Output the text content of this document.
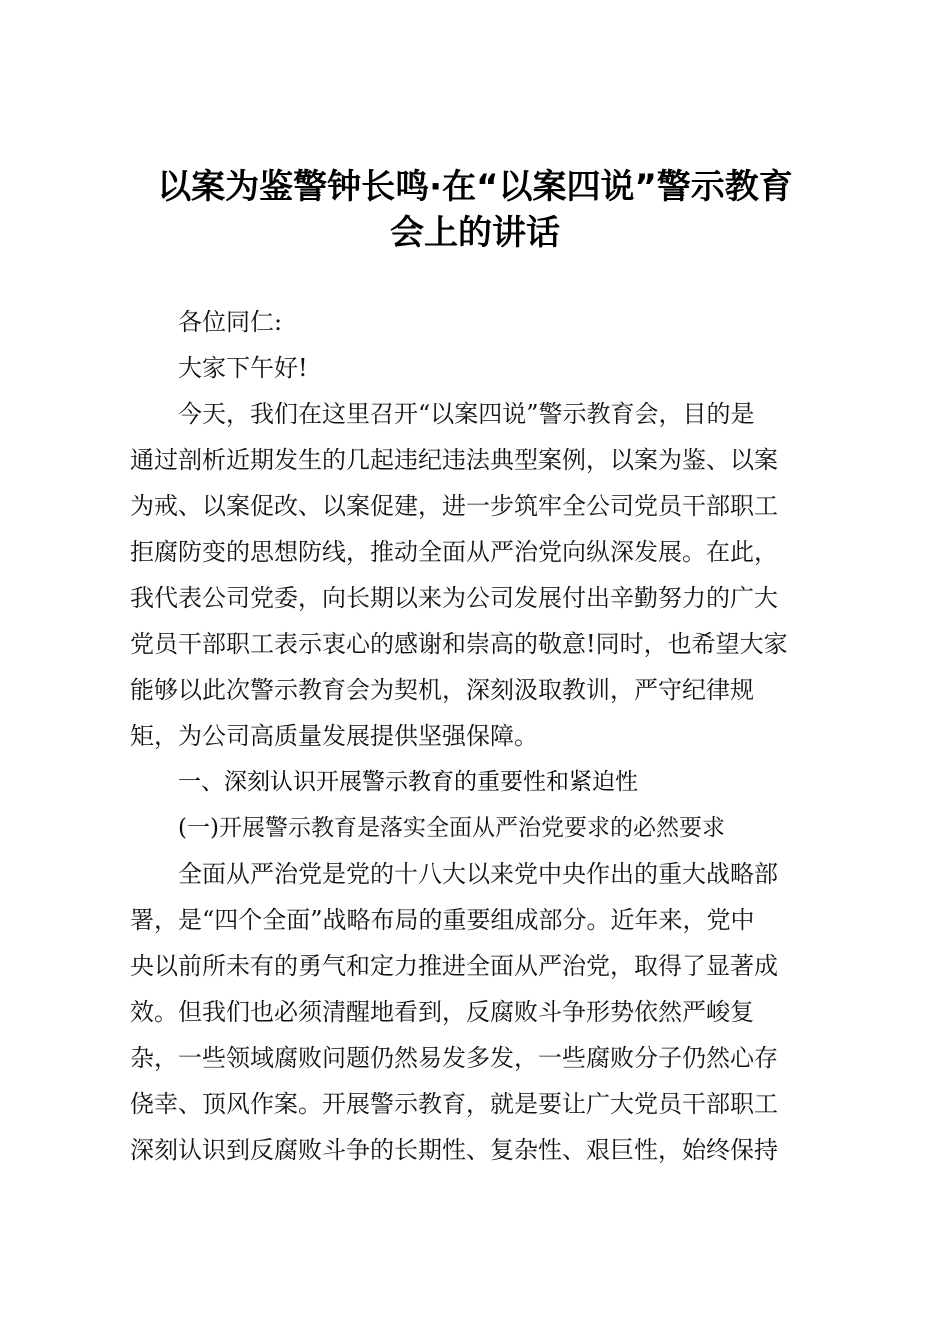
以案为鉴警钟长鸣·在“以案四说”警示教育
会上的讲话
各位同仁:
大家下午好!
今天，我们在这里召开“以案四说”警示教育会，目的是
通过剖析近期发生的几起违纪违法典型案例，以案为鉴、以案
为戒、以案促改、以案促建，进一步筑牢全公司党员干部职工
拒腐防变的思想防线，推动全面从严治党向纵深发展。在此，
我代表公司党委，向长期以来为公司发展付出辛勤努力的广大
党员干部职工表示衷心的感谢和崇高的敬意!同时，也希望大家
能够以此次警示教育会为契机，深刻汲取教训，严守纪律规
矩，为公司高质量发展提供坚强保障。
一、深刻认识开展警示教育的重要性和紧迫性
(一)开展警示教育是落实全面从严治党要求的必然要求
全面从严治党是党的十八大以来党中央作出的重大战略部
署，是“四个全面”战略布局的重要组成部分。近年来，党中
央以前所未有的勇气和定力推进全面从严治党，取得了显著成
效。但我们也必须清醒地看到，反腐败斗争形势依然严峻复
杂，一些领域腐败问题仍然易发多发，一些腐败分子仍然心存
侥幸、顶风作案。开展警示教育，就是要让广大党员干部职工
深刻认识到反腐败斗争的长期性、复杂性、艰巨性，始终保持
